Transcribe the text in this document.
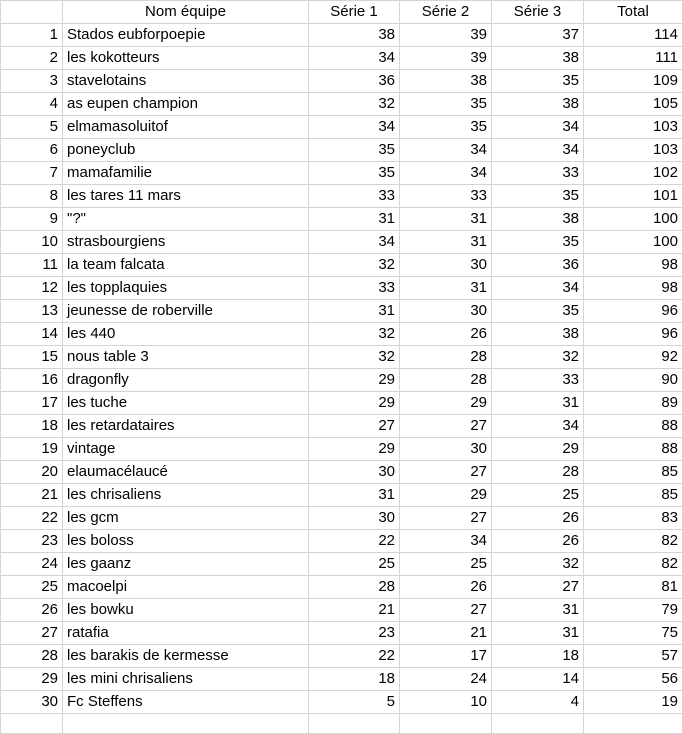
	Nom équipe	Série 1	Série 2	Série 3	Total
1	Stados eubforpoepie	38	39	37	114
2	les kokotteurs	34	39	38	111
3	stavelotains	36	38	35	109
4	as eupen champion	32	35	38	105
5	elmamasoluitof	34	35	34	103
6	poneyclub	35	34	34	103
7	mamafamilie	35	34	33	102
8	les tares 11 mars	33	33	35	101
9	"?"	31	31	38	100
10	strasbourgiens	34	31	35	100
11	la team falcata	32	30	36	98
12	les topplaquies	33	31	34	98
13	jeunesse de roberville	31	30	35	96
14	les 440	32	26	38	96
15	nous table 3	32	28	32	92
16	dragonfly	29	28	33	90
17	les tuche	29	29	31	89
18	les retardataires	27	27	34	88
19	vintage	29	30	29	88
20	elaumacélaucé	30	27	28	85
21	les chrisaliens	31	29	25	85
22	les gcm	30	27	26	83
23	les boloss	22	34	26	82
24	les gaanz	25	25	32	82
25	macoelpi	28	26	27	81
26	les bowku	21	27	31	79
27	ratafia	23	21	31	75
28	les barakis de kermesse	22	17	18	57
29	les mini chrisaliens	18	24	14	56
30	Fc Steffens	5	10	4	19
